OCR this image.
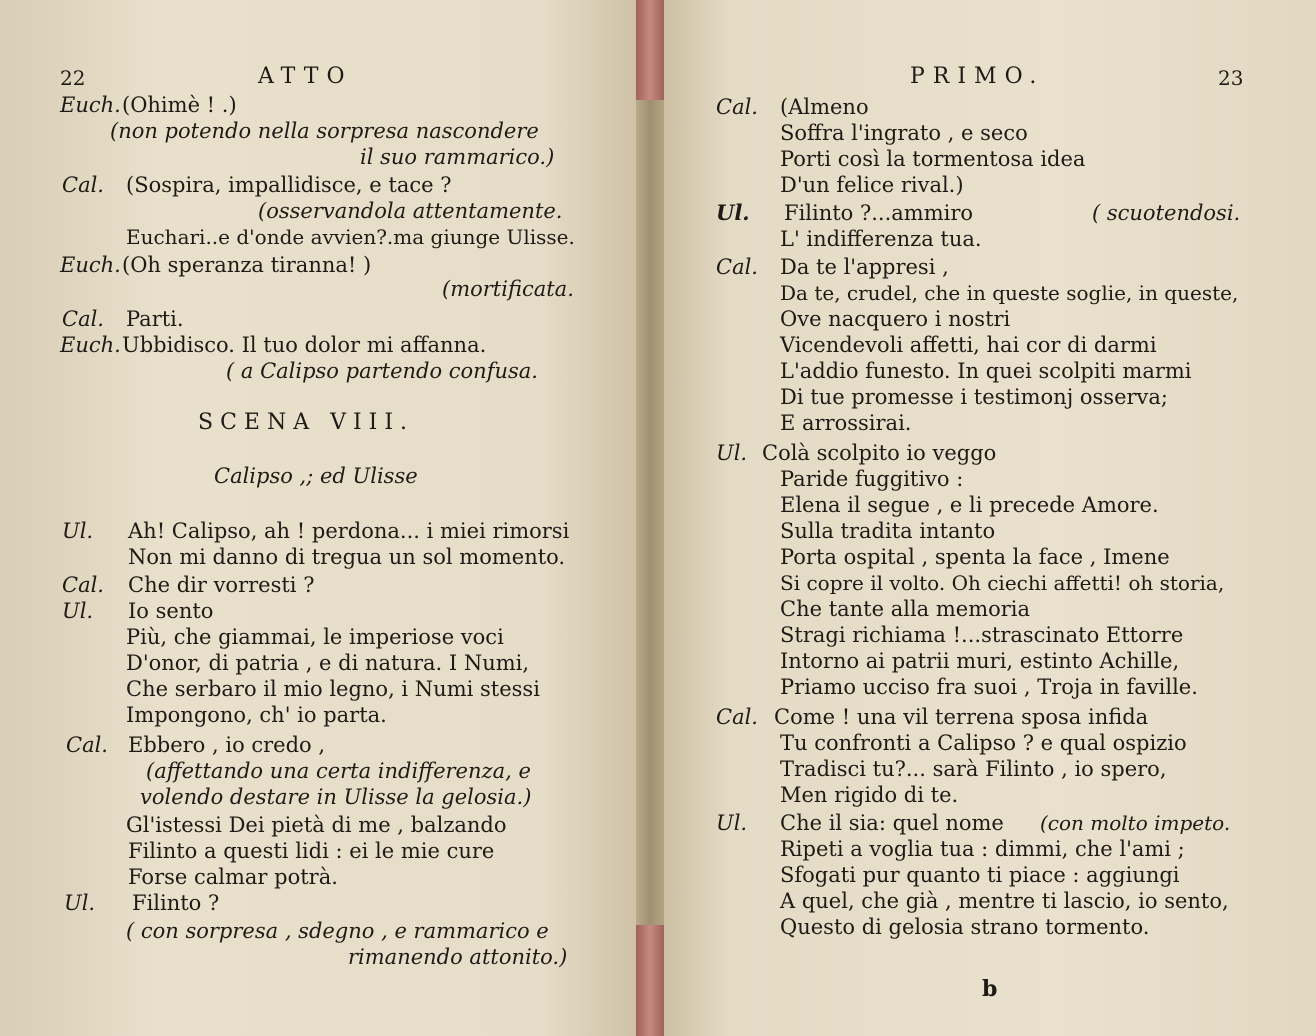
22	ATTO
SCENA VIII.
Calipso ,; ed Ulisse
Euch. (Ohimè ! .)
(non potendo nella sorpresa nascondere
il suo rammarico.)
Cal. (Sospira, impallidisce, e tace ?
(osservandola attentamente.
Euchari..e d'onde avvien?.ma giunge Ulisse.
Euch. (Oh speranza tiranna! )
(mortificata.
Cal. Parti.
Euch. Ubbidisco. Il tuo dolor mi affanna.
( a Calipso partendo confusa.
Ul. Ah! Calipso, ah ! perdona... i miei rimorsi
Non mi danno di tregua un sol momento.
Cal. Che dir vorresti ?
Ul. Io sento
Più, che giammai, le imperiose voci
D'onor, di patria , e di natura. I Numi,
Che serbaro il mio legno, i Numi stessi
Impongono, ch' io parta.
Cal. Ebbero , io credo ,
(affettando una certa indifferenza, e
volendo destare in Ulisse la gelosia.)
Gl'istessi Dei pietà di me , balzando
Filinto a questi lidi : ei le mie cure
Forse calmar potrà.
Ul. Filinto ?
( con sorpresa , sdegno , e rammarico e
rimanendo attonito.)
PRIMO.	23
Cal. (Almeno
Soffra l'ingrato , e seco
Porti così la tormentosa idea
D'un felice rival.)
Ul. Filinto ?...ammiro	( scuotendosi.
L' indifferenza tua.
Cal. Da te l'appresi ,
Da te, crudel, che in queste soglie, in queste,
Ove nacquero i nostri
Vicendevoli affetti, hai cor di darmi
L'addio funesto. In quei scolpiti marmi
Di tue promesse i testimonj osserva;
E arrossirai.
Ul. Colà scolpito io veggo
Paride fuggitivo :
Elena il segue , e li precede Amore.
Sulla tradita intanto
Porta ospital , spenta la face , Imene
Si copre il volto. Oh ciechi affetti! oh storia,
Che tante alla memoria
Stragi richiama !...strascinato Ettorre
Intorno ai patrii muri, estinto Achille,
Priamo ucciso fra suoi , Troja in faville.
Cal. Come ! una vil terrena sposa infida
Tu confronti a Calipso ? e qual ospizio
Tradisci tu?... sarà Filinto , io spero,
Men rigido di te.
Ul. Che il sia: quel nome (con molto impeto.
Ripeti a voglia tua : dimmi, che l'ami ;
Sfogati pur quanto ti piace : aggiungi
A quel, che già , mentre ti lascio, io sento,
Questo di gelosia strano tormento.
b
